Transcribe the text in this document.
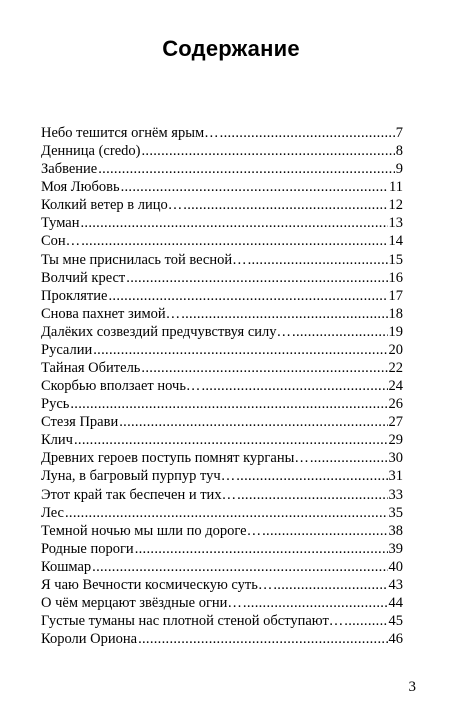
Содержание
Небо тешится огнём ярым… .....	7
Денница (credo) .....	8
Забвение .....	9
Моя Любовь .....	11
Колкий ветер в лицо… .....	12
Туман .....	13
Сон… .....	14
Ты мне приснилась той весной… .....	15
Волчий крест .....	16
Проклятие .....	17
Снова пахнет зимой… .....	18
Далёких созвездий предчувствуя силу… .....	19
Русалии .....	20
Тайная Обитель .....	22
Скорбью вползает ночь… .....	24
Русь .....	26
Стезя Прави .....	27
Клич .....	29
Древних героев поступь помнят курганы… .....	30
Луна, в багровый пурпур туч… .....	31
Этот край так беспечен и тих… .....	33
Лес .....	35
Темной ночью мы шли по дороге… .....	38
Родные пороги .....	39
Кошмар .....	40
Я чаю Вечности космическую суть… .....	43
О чём мерцают звёздные огни… .....	44
Густые туманы нас плотной стеной обступают… .....	45
Короли Ориона .....	46
3
